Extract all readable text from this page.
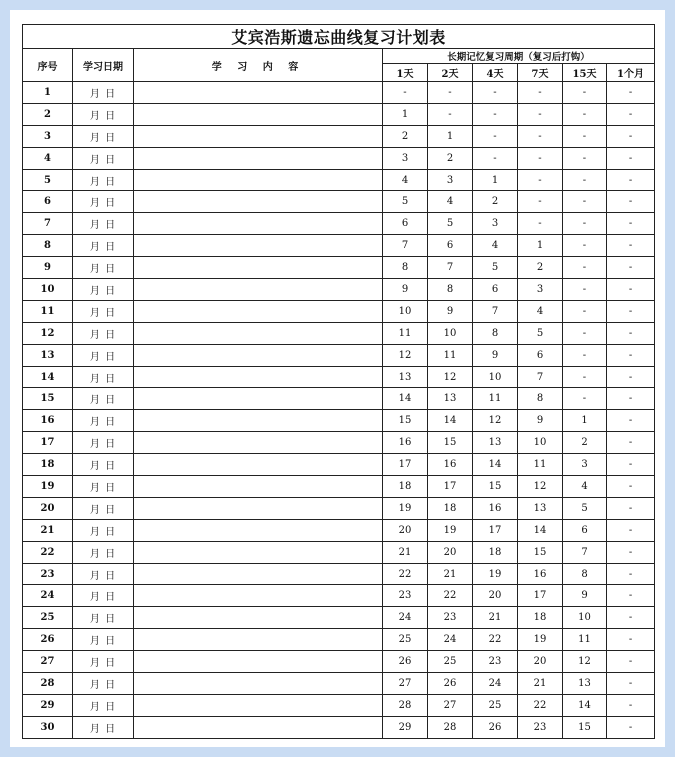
艾宾浩斯遗忘曲线复习计划表								
序号	学习日期	学 习 内 容	长期记忆复习周期（复习后打钩）					
			1天	2天	4天	7天	15天	1个月
1	月 日		-	-	-	-	-	-
2	月 日		1	-	-	-	-	-
3	月 日		2	1	-	-	-	-
4	月 日		3	2	-	-	-	-
5	月 日		4	3	1	-	-	-
6	月 日		5	4	2	-	-	-
7	月 日		6	5	3	-	-	-
8	月 日		7	6	4	1	-	-
9	月 日		8	7	5	2	-	-
10	月 日		9	8	6	3	-	-
11	月 日		10	9	7	4	-	-
12	月 日		11	10	8	5	-	-
13	月 日		12	11	9	6	-	-
14	月 日		13	12	10	7	-	-
15	月 日		14	13	11	8	-	-
16	月 日		15	14	12	9	1	-
17	月 日		16	15	13	10	2	-
18	月 日		17	16	14	11	3	-
19	月 日		18	17	15	12	4	-
20	月 日		19	18	16	13	5	-
21	月 日		20	19	17	14	6	-
22	月 日		21	20	18	15	7	-
23	月 日		22	21	19	16	8	-
24	月 日		23	22	20	17	9	-
25	月 日		24	23	21	18	10	-
26	月 日		25	24	22	19	11	-
27	月 日		26	25	23	20	12	-
28	月 日		27	26	24	21	13	-
29	月 日		28	27	25	22	14	-
30	月 日		29	28	26	23	15	-
